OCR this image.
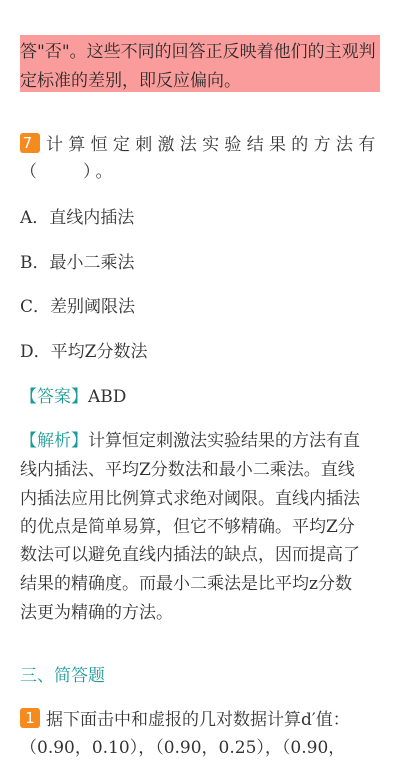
答"否"。这些不同的回答正反映着他们的主观判
定标准的差别，即反应偏向。
7 计算恒定刺激法实验结果的方法有
（　　）。
A．直线内插法
B．最小二乘法
C．差别阈限法
D．平均Z分数法
【答案】ABD
【解析】计算恒定刺激法实验结果的方法有直
线内插法、平均Z分数法和最小二乘法。直线
内插法应用比例算式求绝对阈限。直线内插法
的优点是简单易算，但它不够精确。平均Z分
数法可以避免直线内插法的缺点，因而提高了
结果的精确度。而最小二乘法是比平均z分数
法更为精确的方法。
三、简答题
1 据下面击中和虚报的几对数据计算d′值：
（0.90，0.10），（0.90，0.25），（0.90，
